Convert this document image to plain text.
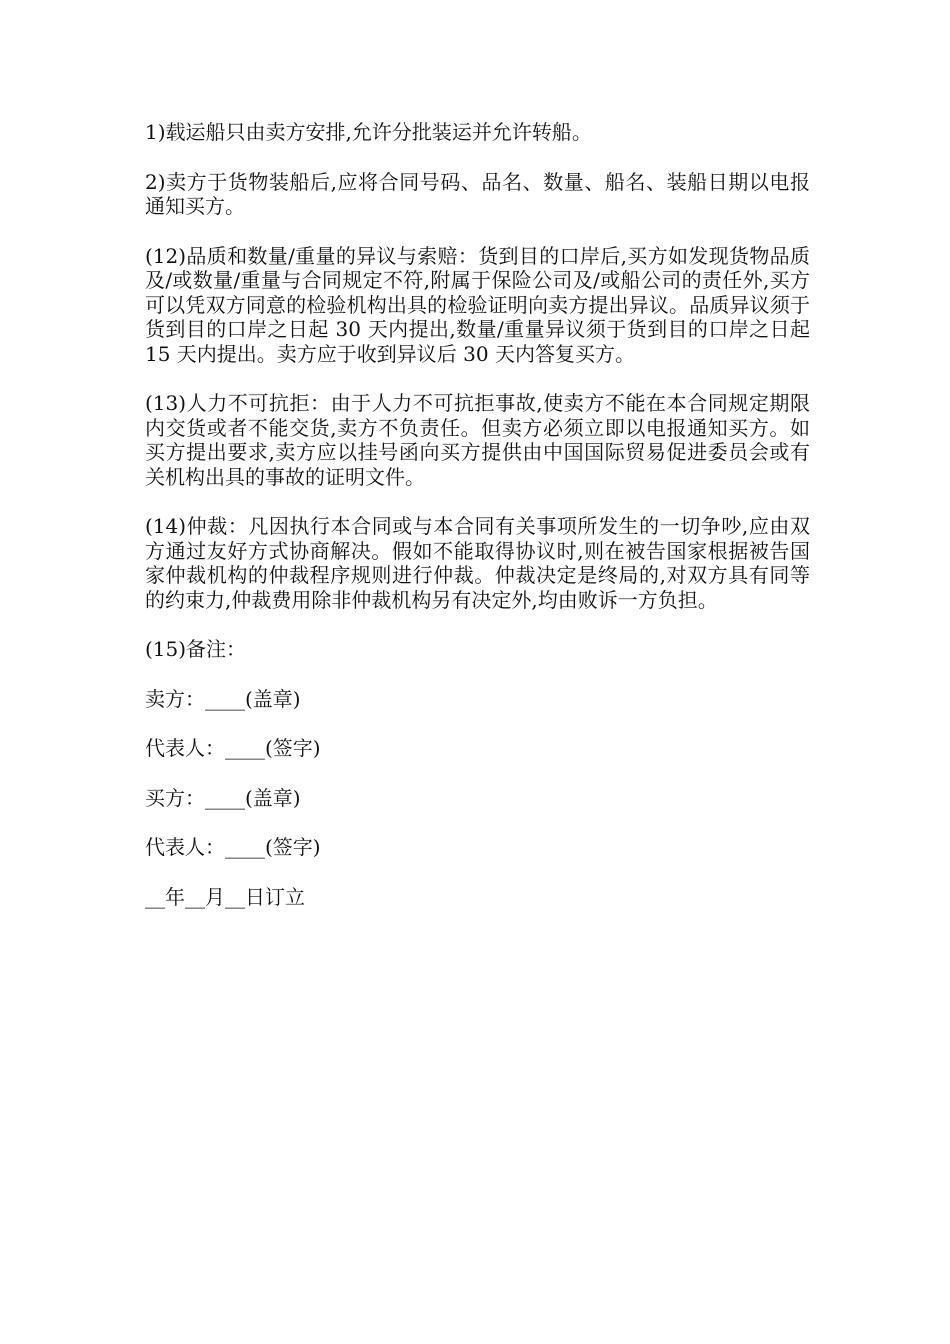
1)载运船只由卖方安排,允许分批装运并允许转船。

2)卖方于货物装船后,应将合同号码、品名、数量、船名、装船日期以电报通知买方。

(12)品质和数量/重量的异议与索赔：货到目的口岸后,买方如发现货物品质及/或数量/重量与合同规定不符,附属于保险公司及/或船公司的责任外,买方可以凭双方同意的检验机构出具的检验证明向卖方提出异议。品质异议须于货到目的口岸之日起 30 天内提出,数量/重量异议须于货到目的口岸之日起 15 天内提出。卖方应于收到异议后 30 天内答复买方。

(13)人力不可抗拒：由于人力不可抗拒事故,使卖方不能在本合同规定期限内交货或者不能交货,卖方不负责任。但卖方必须立即以电报通知买方。如买方提出要求,卖方应以挂号函向买方提供由中国国际贸易促进委员会或有关机构出具的事故的证明文件。

(14)仲裁：凡因执行本合同或与本合同有关事项所发生的一切争吵,应由双方通过友好方式协商解决。假如不能取得协议时,则在被告国家根据被告国家仲裁机构的仲裁程序规则进行仲裁。仲裁决定是终局的,对双方具有同等的约束力,仲裁费用除非仲裁机构另有决定外,均由败诉一方负担。

(15)备注：

卖方：____(盖章)

代表人：____(签字)

买方：____(盖章)

代表人：____(签字)

__年__月__日订立
